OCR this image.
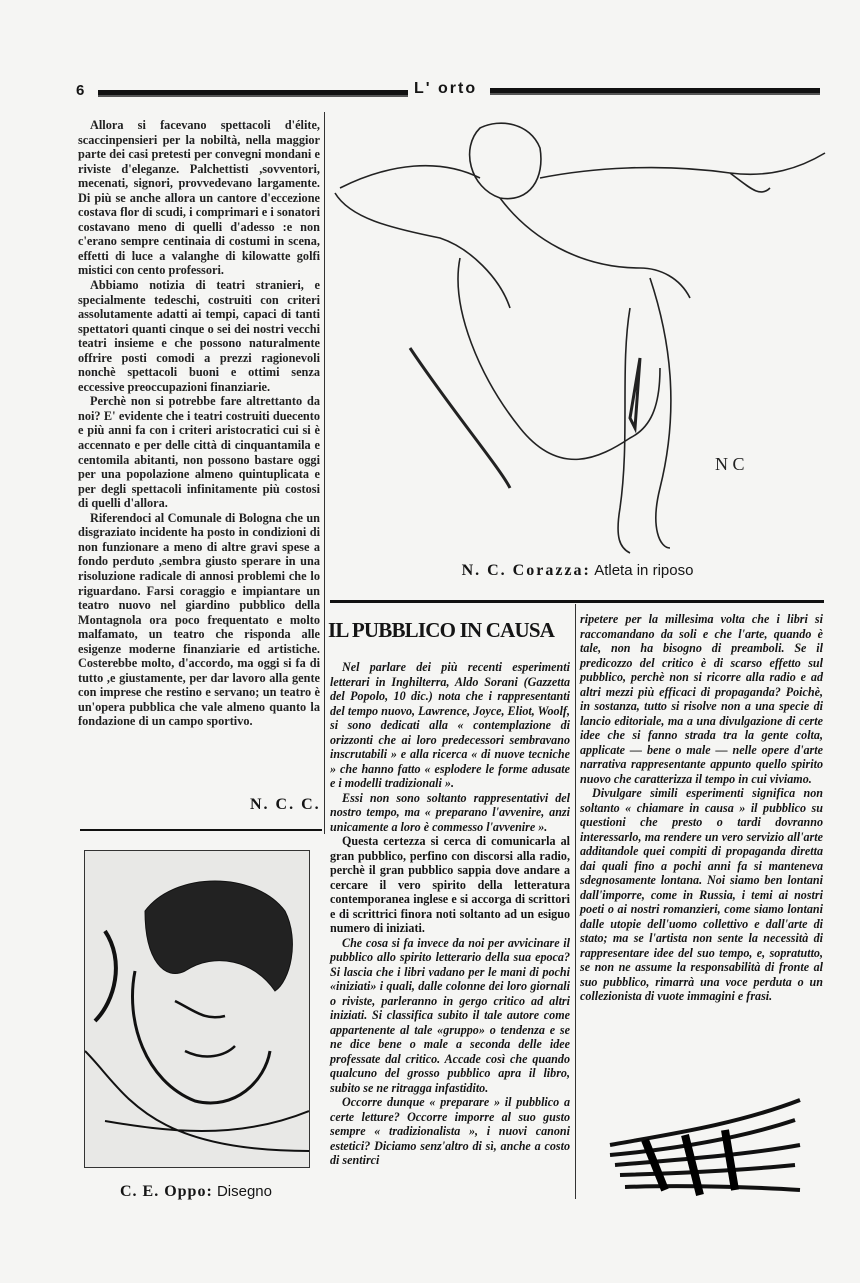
6	L' orto

Allora si facevano spettacoli d'élite, scaccinpensieri per la nobiltà, nella maggior parte dei casi pretesti per convegni mondani e riviste d'eleganze. Palchettisti ,sovventori, mecenati, signori, provvedevano largamente. Di più se anche allora un cantore d'eccezione costava flor di scudi, i comprimari e i sonatori costavano meno di quelli d'adesso :e non c'erano sempre centinaia di costumi in scena, effetti di luce a valanghe di kilowatte golfi mistici con cento professori.

Abbiamo notizia di teatri stranieri, e specialmente tedeschi, costruiti con criteri assolutamente adatti ai tempi, capaci di tanti spettatori quanti cinque o sei dei nostri vecchi teatri insieme e che possono naturalmente offrire posti comodi a prezzi ragionevoli nonchè spettacoli buoni e ottimi senza eccessive preoccupazioni finanziarie.

Perchè non si potrebbe fare altrettanto da noi? E' evidente che i teatri costruiti duecento e più anni fa con i criteri aristocratici cui si è accennato e per delle città di cinquantamila e centomila abitanti, non possono bastare oggi per una popolazione almeno quintuplicata e per degli spettacoli infinitamente più costosi di quelli d'allora.

Riferendoci al Comunale di Bologna che un disgraziato incidente ha posto in condizioni di non funzionare a meno di altre gravi spese a fondo perduto ,sembra giusto sperare in una risoluzione radicale di annosi problemi che lo riguardano. Farsi coraggio e impiantare un teatro nuovo nel giardino pubblico della Montagnola ora poco frequentato e molto malfamato, un teatro che risponda alle esigenze moderne finanziarie ed artistiche. Costerebbe molto, d'accordo, ma oggi si fa di tutto ,e giustamente, per dar lavoro alla gente con imprese che restino e servano; un teatro è un'opera pubblica che vale almeno quanto la fondazione di un campo sportivo.

N. C. C.
N C
N. C. Corazza: Atleta in riposo
IL PUBBLICO IN CAUSA

Nel parlare dei più recenti esperimenti letterari in Inghilterra, Aldo Sorani (Gazzetta del Popolo, 10 dic.) nota che i rappresentanti del tempo nuovo, Lawrence, Joyce, Eliot, Woolf, si sono dedicati alla « contemplazione di orizzonti che ai loro predecessori sembravano inscrutabili » e alla ricerca « di nuove tecniche » che hanno fatto « esplodere le forme adusate e i modelli tradizionali ».

Essi non sono soltanto rappresentativi del nostro tempo, ma « preparano l'avvenire, anzi unicamente a loro è commesso l'avvenire ».

Questa certezza si cerca di comunicarla al gran pubblico, perfino con discorsi alla radio, perchè il gran pubblico sappia dove andare a cercare il vero spirito della letteratura contemporanea inglese e si accorga di scrittori e di scrittrici finora noti soltanto ad un esiguo numero di iniziati.

Che cosa si fa invece da noi per avvicinare il pubblico allo spirito letterario della sua epoca? Si lascia che i libri vadano per le mani di pochi «iniziati» i quali, dalle colonne dei loro giornali o riviste, parleranno in gergo critico ad altri iniziati. Si classifica subito il tale autore come appartenente al tale «gruppo» o tendenza e se ne dice bene o male a seconda delle idee professate dal critico. Accade così che quando qualcuno del grosso pubblico apra il libro, subito se ne ritragga infastidito.

Occorre dunque « preparare » il pubblico a certe letture? Occorre imporre al suo gusto sempre « tradizionalista », i nuovi canoni estetici? Diciamo senz'altro di sì, anche a costo di sentirci

ripetere per la millesima volta che i libri si raccomandano da soli e che l'arte, quando è tale, non ha bisogno di preamboli. Se il predicozzo del critico è di scarso effetto sul pubblico, perchè non si ricorre alla radio e ad altri mezzi più efficaci di propaganda? Poichè, in sostanza, tutto si risolve non a una specie di lancio editoriale, ma a una divulgazione di certe idee che si fanno strada tra la gente colta, applicate — bene o male — nelle opere d'arte narrativa rappresentante appunto quello spirito nuovo che caratterizza il tempo in cui viviamo.

Divulgare simili esperimenti significa non soltanto « chiamare in causa » il pubblico su questioni che presto o tardi dovranno interessarlo, ma rendere un vero servizio all'arte additandole quei compiti di propaganda diretta dai quali fino a pochi anni fa si manteneva sdegnosamente lontana. Noi siamo ben lontani dall'imporre, come in Russia, i temi ai nostri poeti o ai nostri romanzieri, come siamo lontani dalle utopie dell'uomo collettivo e dall'arte di stato; ma se l'artista non sente la necessità di rappresentare idee del suo tempo, e, sopratutto, se non ne assume la responsabilità di fronte al suo pubblico, rimarrà una voce perduta o un collezionista di vuote immagini e frasi.

C. E. Oppo: Disegno
